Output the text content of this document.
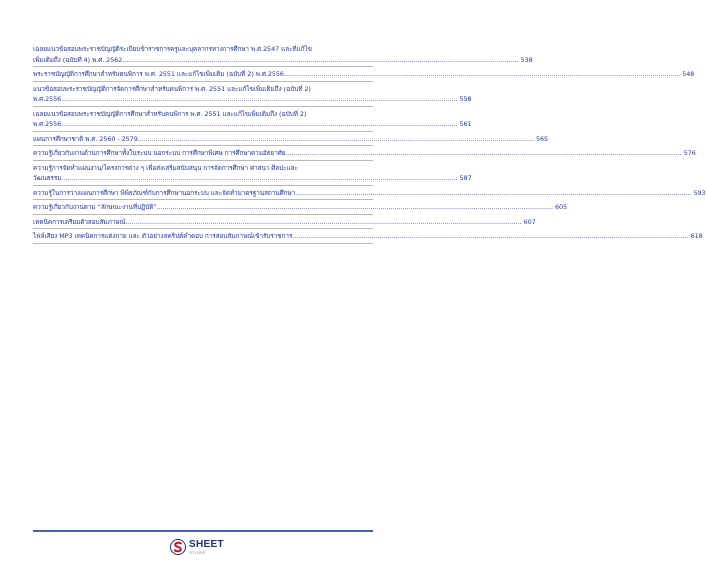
เฉลยแนวข้อสอบพระราชบัญญัติระเบียบข้าราชการครูและบุคลากรทางการศึกษา พ.ศ.2547 และที่แก้ไข
เพิ่มเติมถึง (ฉบับที่ 4) พ.ศ. 2562 ........................................................................................................................................................................................................ 538
พระราชบัญญัติการศึกษาสำหรับคนพิการ พ.ศ. 2551 และแก้ไขเพิ่มเติม (ฉบับที่ 2) พ.ศ.2556 ........................................................................................................................................................................................................ 548
แนวข้อสอบพระราชบัญญัติการจัดการศึกษาสำหรับคนพิการ พ.ศ. 2551 และแก้ไขเพิ่มเติมถึง (ฉบับที่ 2)
พ.ศ.2556 ........................................................................................................................................................................................................ 558
เฉลยแนวข้อสอบพระราชบัญญัติการศึกษาสำหรับคนพิการ พ.ศ. 2551 และแก้ไขเพิ่มเติมถึง (ฉบับที่ 2)
พ.ศ.2556 ........................................................................................................................................................................................................ 561
แผนการศึกษาชาติ พ.ศ. 2560 - 2579 ........................................................................................................................................................................................................ 565
ความรู้เกี่ยวกับงานด้านการศึกษาทั้งในระบบ นอกระบบ การศึกษาพิเศษ การศึกษาตามอัธยาศัย ........................................................................................................................................................................................................ 576
ความรู้การจัดทำแผนงาน/โครงการต่าง ๆ เพื่อส่งเสริมสนับสนุน การจัดการศึกษา ศาสนา ศิลปะและ
วัฒนธรรม ........................................................................................................................................................................................................ 587
ความรู้ในการวางแผนการศึกษา พิพิธภัณฑ์กับการศึกษานอกระบบ และจัดทำมาตรฐานสถานศึกษา ........................................................................................................................................................................................................ 593
ความรู้เกี่ยวกับงานตาม “ลักษณะงานที่ปฏิบัติ” ........................................................................................................................................................................................................ 605
เทคนิคการเตรียมตัวสอบสัมภาษณ์ ........................................................................................................................................................................................................ 607
ไฟล์เสียง MP3 เทคนิคการแต่งกาย และ ตัวอย่างสคริปต์คำตอบ การสอบสัมภาษณ์เข้ารับราชการ ........................................................................................................................................................................................................ 618
SHEET
STORE
